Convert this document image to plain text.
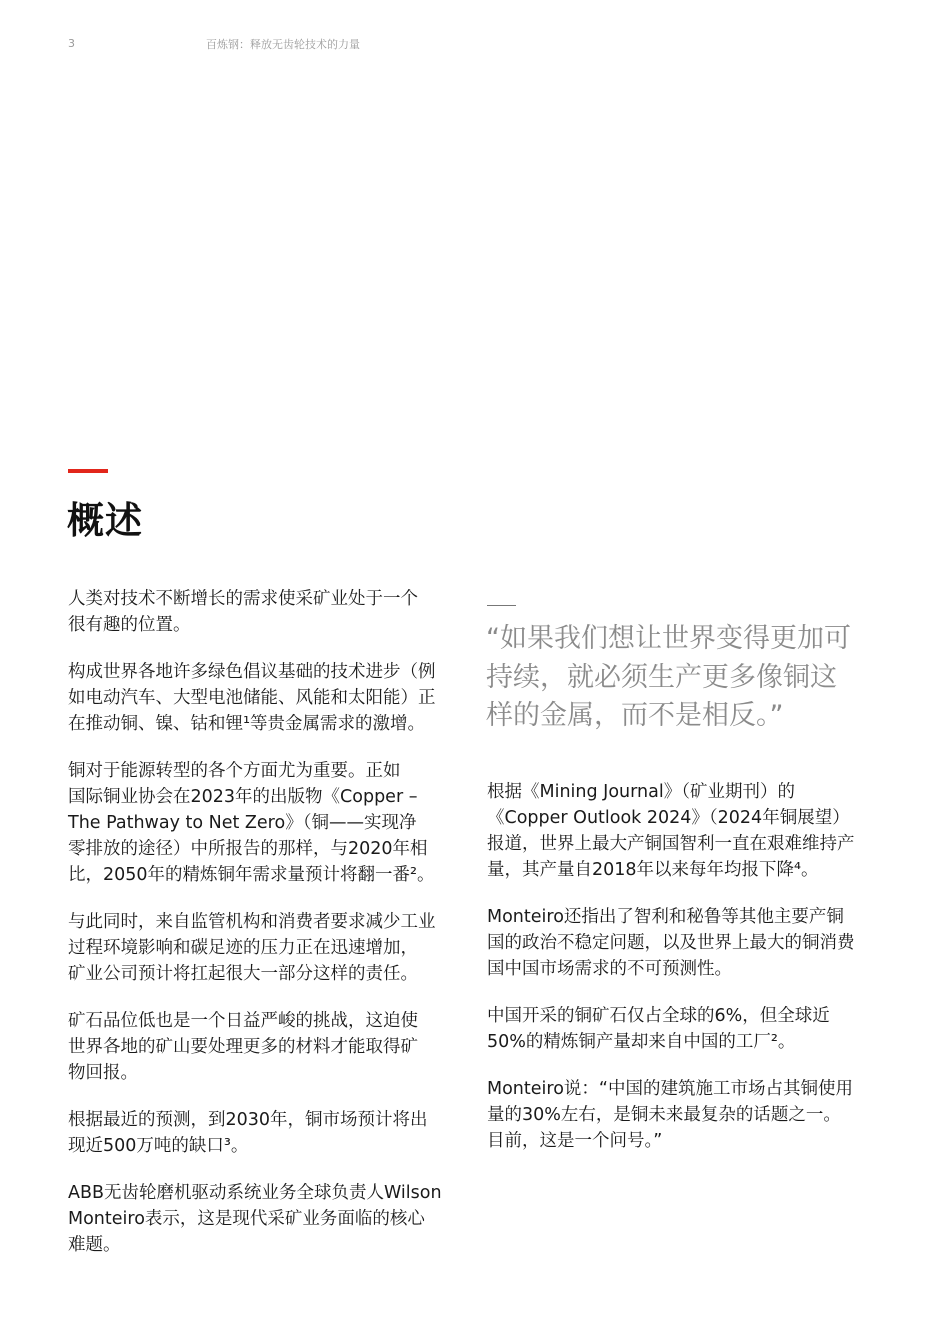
3	百炼钢：释放无齿轮技术的力量
概述

人类对技术不断增长的需求使采矿业处于一个
很有趣的位置。

构成世界各地许多绿色倡议基础的技术进步（例
如电动汽车、大型电池储能、风能和太阳能）正
在推动铜、镍、钴和锂¹等贵金属需求的激增。

铜对于能源转型的各个方面尤为重要。正如
国际铜业协会在2023年的出版物《Copper –
The Pathway to Net Zero》（铜——实现净
零排放的途径）中所报告的那样，与2020年相
比，2050年的精炼铜年需求量预计将翻一番²。

与此同时，来自监管机构和消费者要求减少工业
过程环境影响和碳足迹的压力正在迅速增加，
矿业公司预计将扛起很大一部分这样的责任。

矿石品位低也是一个日益严峻的挑战，这迫使
世界各地的矿山要处理更多的材料才能取得矿
物回报。

根据最近的预测，到2030年，铜市场预计将出
现近500万吨的缺口³。

ABB无齿轮磨机驱动系统业务全球负责人Wilson
Monteiro表示，这是现代采矿业务面临的核心
难题。

“如果我们想让世界变得更加可
持续，就必须生产更多像铜这
样的金属，而不是相反。”

根据《Mining Journal》（矿业期刊）的
《Copper Outlook 2024》（2024年铜展望）
报道，世界上最大产铜国智利一直在艰难维持产
量，其产量自2018年以来每年均报下降⁴。

Monteiro还指出了智利和秘鲁等其他主要产铜
国的政治不稳定问题，以及世界上最大的铜消费
国中国市场需求的不可预测性。

中国开采的铜矿石仅占全球的6%，但全球近
50%的精炼铜产量却来自中国的工厂²。

Monteiro说：“中国的建筑施工市场占其铜使用
量的30%左右，是铜未来最复杂的话题之一。
目前，这是一个问号。”
